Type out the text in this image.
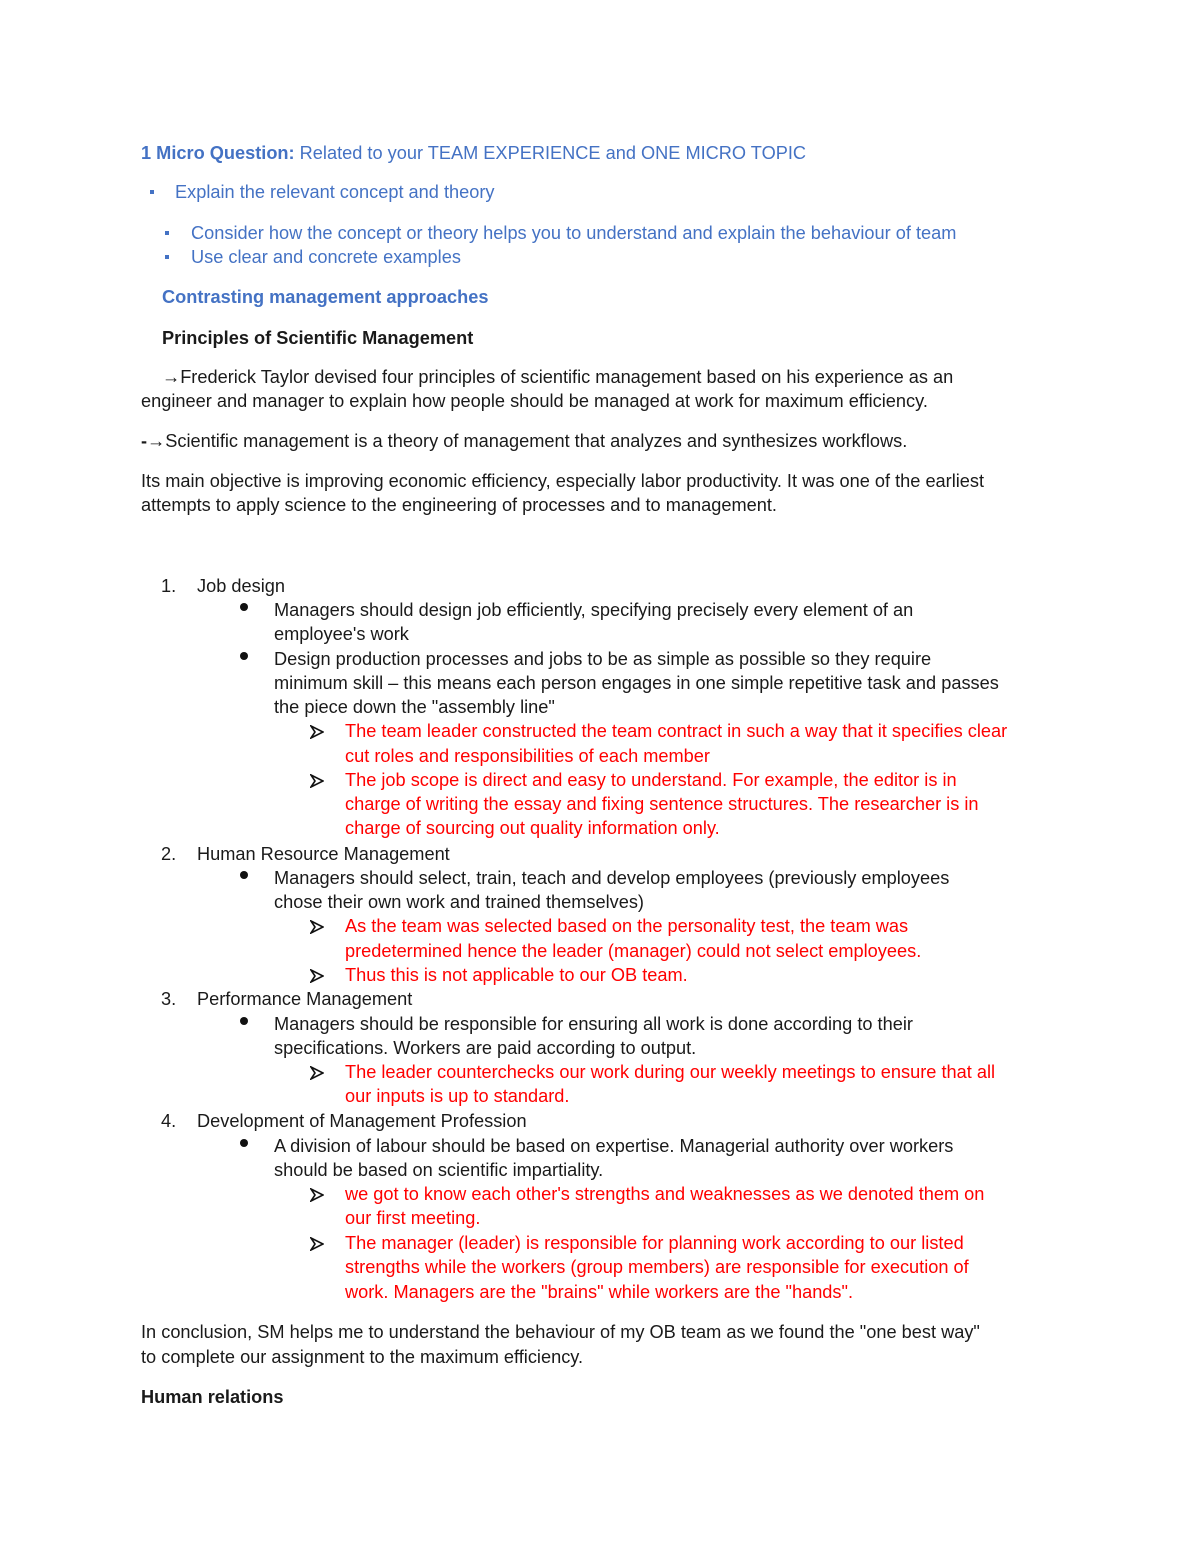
1 Micro Question: Related to your TEAM EXPERIENCE and ONE MICRO TOPIC
Explain the relevant concept and theory
Consider how the concept or theory helps you to understand and explain the behaviour of team
Use clear and concrete examples
Contrasting management approaches
Principles of Scientific Management
→Frederick Taylor devised four principles of scientific management based on his experience as an
engineer and manager to explain how people should be managed at work for maximum efficiency.
-→Scientific management is a theory of management that analyzes and synthesizes workflows.
Its main objective is improving economic efficiency, especially labor productivity. It was one of the earliest
attempts to apply science to the engineering of processes and to management.
1. Job design
Managers should design job efficiently, specifying precisely every element of an
employee's work
Design production processes and jobs to be as simple as possible so they require
minimum skill – this means each person engages in one simple repetitive task and passes
the piece down the "assembly line"
The team leader constructed the team contract in such a way that it specifies clear
cut roles and responsibilities of each member
The job scope is direct and easy to understand. For example, the editor is in
charge of writing the essay and fixing sentence structures. The researcher is in
charge of sourcing out quality information only.
2. Human Resource Management
Managers should select, train, teach and develop employees (previously employees
chose their own work and trained themselves)
As the team was selected based on the personality test, the team was
predetermined hence the leader (manager) could not select employees.
Thus this is not applicable to our OB team.
3. Performance Management
Managers should be responsible for ensuring all work is done according to their
specifications. Workers are paid according to output.
The leader counterchecks our work during our weekly meetings to ensure that all
our inputs is up to standard.
4. Development of Management Profession
A division of labour should be based on expertise. Managerial authority over workers
should be based on scientific impartiality.
we got to know each other's strengths and weaknesses as we denoted them on
our first meeting.
The manager (leader) is responsible for planning work according to our listed
strengths while the workers (group members) are responsible for execution of
work. Managers are the "brains" while workers are the "hands".
In conclusion, SM helps me to understand the behaviour of my OB team as we found the "one best way"
to complete our assignment to the maximum efficiency.
Human relations
